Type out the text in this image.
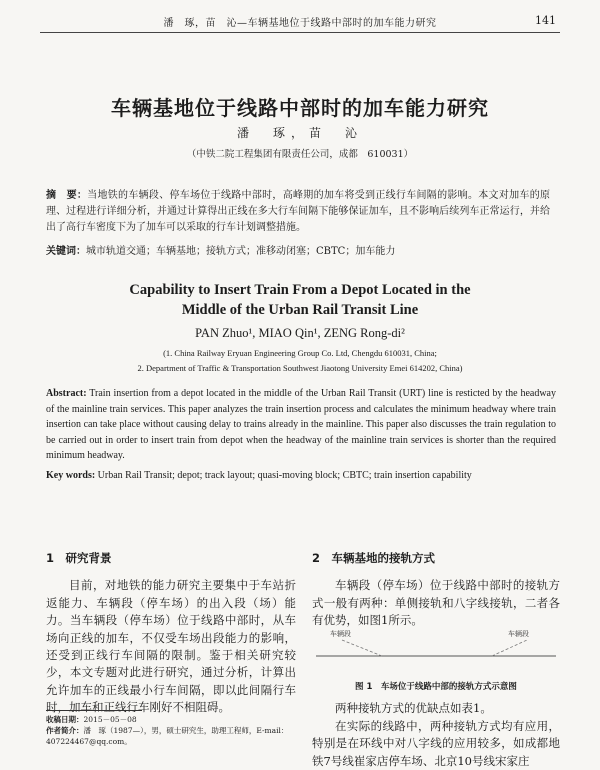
潘　琢，苗　沁—车辆基地位于线路中部时的加车能力研究	141
车辆基地位于线路中部时的加车能力研究
潘　琢，苗　沁
（中铁二院工程集团有限责任公司，成都　610031）
摘　要：当地铁的车辆段、停车场位于线路中部时，高峰期的加车将受到正线行车间隔的影响。本文对加车的原理、过程进行详细分析，并通过计算得出正线在多大行车间隔下能够保证加车，且不影响后续列车正常运行，并给出了高行车密度下为了加车可以采取的行车计划调整措施。
关键词：城市轨道交通；车辆基地；接轨方式；准移动闭塞；CBTC；加车能力
Capability to Insert Train From a Depot Located in the
Middle of the Urban Rail Transit Line
PAN Zhuo¹, MIAO Qin¹, ZENG Rong-di²
(1. China Railway Eryuan Engineering Group Co. Ltd, Chengdu 610031, China;
2. Department of Traffic & Transportation Southwest Jiaotong University Emei 614202, China)
Abstract: Train insertion from a depot located in the middle of the Urban Rail Transit (URT) line is resticted by the headway of the mainline train services. This paper analyzes the train insertion process and calculates the minimum headway where train insertion can take place without causing delay to trains already in the mainline. This paper also discusses the train regulation to be carried out in order to insert train from depot when the headway of the mainline train services is shorter than the required minimum headway.
Key words: Urban Rail Transit; depot; track layout; quasi-moving block; CBTC; train insertion capability
1　研究背景

目前，对地铁的能力研究主要集中于车站折返能力、车辆段（停车场）的出入段（场）能力。当车辆段（停车场）位于线路中部时，从车场向正线的加车，不仅受车场出段能力的影响，还受到正线行车间隔的限制。鉴于相关研究较少，本文专题对此进行研究，通过分析，计算出允许加车的正线最小行车间隔，即以此间隔行车时，加车和正线行车刚好不相阻碍。

2　车辆基地的接轨方式

车辆段（停车场）位于线路中部时的接轨方式一般有两种：单侧接轨和八字线接轨，二者各有优势，如图1所示。

车辆段	车辆段
图 1　车场位于线路中部的接轨方式示意图

两种接轨方式的优缺点如表1。

在实际的线路中，两种接轨方式均有应用，特别是在环线中对八字线的应用较多，如成都地铁7号线崔家店停车场、北京10号线宋家庄

收稿日期：2015－05－08
作者简介：潘　琢（1987—），男，硕士研究生，助理工程师，E-mail：407224467@qq.com。
